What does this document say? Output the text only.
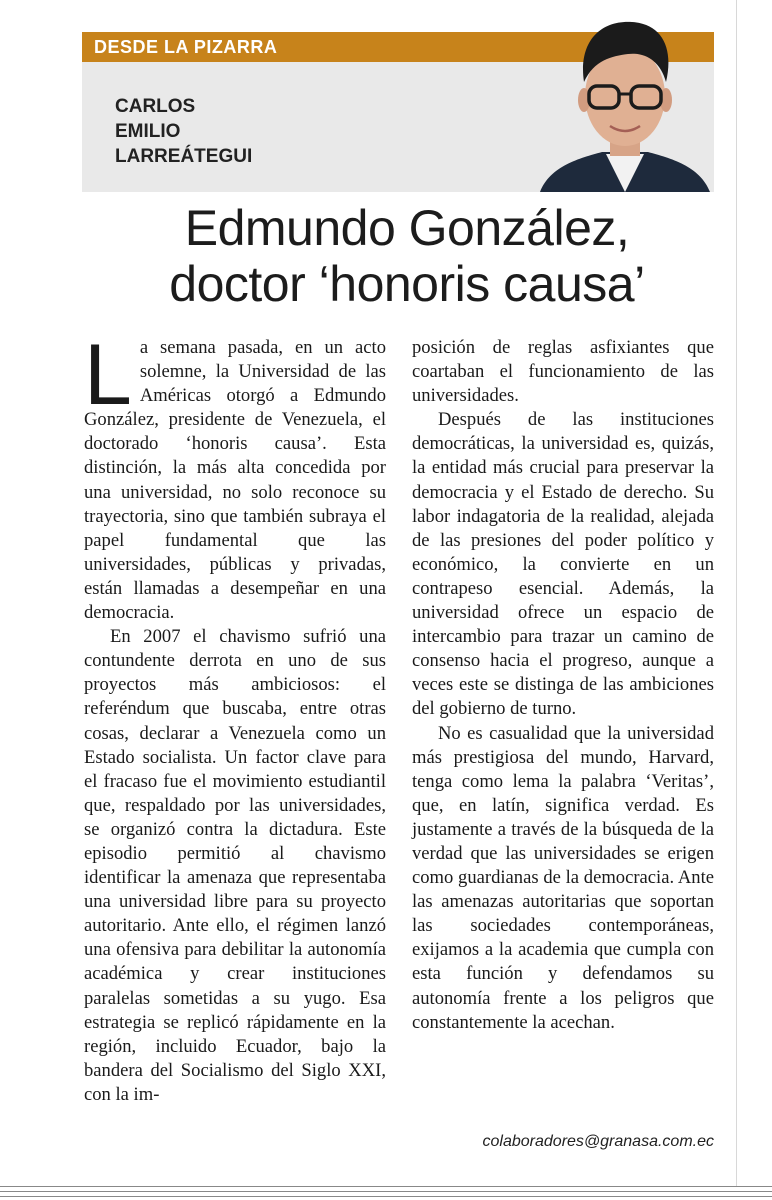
DESDE LA PIZARRA
CARLOS
EMILIO
LARREÁTEGUI
Edmundo González,
doctor ‘honoris causa’

La semana pasada, en un acto solemne, la Universidad de las Américas otorgó a Edmundo González, presidente de Venezuela, el doctorado ‘honoris causa’. Esta distinción, la más alta concedida por una universidad, no solo reconoce su trayectoria, sino que también subraya el papel fundamental que las universidades, públicas y privadas, están llamadas a desempeñar en una democracia.

En 2007 el chavismo sufrió una contundente derrota en uno de sus proyectos más ambiciosos: el referéndum que buscaba, entre otras cosas, declarar a Venezuela como un Estado socialista. Un factor clave para el fracaso fue el movimiento estudiantil que, respaldado por las universidades, se organizó contra la dictadura. Este episodio permitió al chavismo identificar la amenaza que representaba una universidad libre para su proyecto autoritario. Ante ello, el régimen lanzó una ofensiva para debilitar la autonomía académica y crear instituciones paralelas sometidas a su yugo. Esa estrategia se replicó rápidamente en la región, incluido Ecuador, bajo la bandera del Socialismo del Siglo XXI, con la im-

posición de reglas asfixiantes que coartaban el funcionamiento de las universidades.

Después de las instituciones democráticas, la universidad es, quizás, la entidad más crucial para preservar la democracia y el Estado de derecho. Su labor indagatoria de la realidad, alejada de las presiones del poder político y económico, la convierte en un contrapeso esencial. Además, la universidad ofrece un espacio de intercambio para trazar un camino de consenso hacia el progreso, aunque a veces este se distinga de las ambiciones del gobierno de turno.

No es casualidad que la universidad más prestigiosa del mundo, Harvard, tenga como lema la palabra ‘Veritas’, que, en latín, significa verdad. Es justamente a través de la búsqueda de la verdad que las universidades se erigen como guardianas de la democracia. Ante las amenazas autoritarias que soportan las sociedades contemporáneas, exijamos a la academia que cumpla con esta función y defendamos su autonomía frente a los peligros que constantemente la acechan.

colaboradores@granasa.com.ec
